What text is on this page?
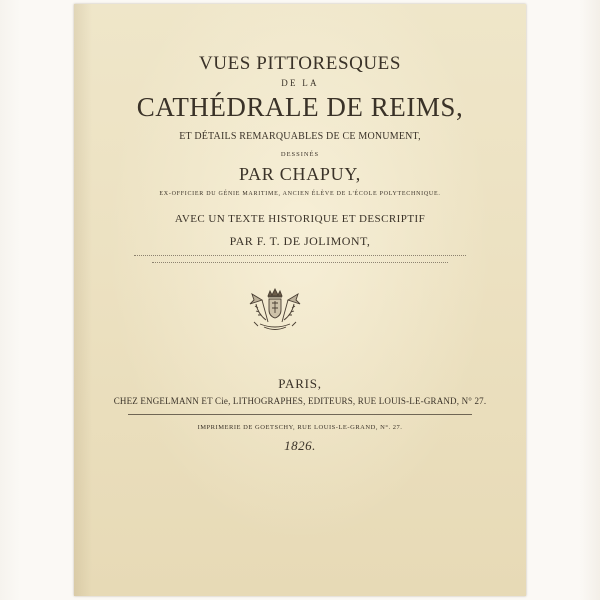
VUES PITTORESQUES
DE LA
CATHÉDRALE DE REIMS,
ET DÉTAILS REMARQUABLES DE CE MONUMENT,
DESSINÉS
PAR CHAPUY,
EX-OFFICIER DU GÉNIE MARITIME, ANCIEN ÉLÈVE DE L'ÉCOLE POLYTECHNIQUE.
AVEC UN TEXTE HISTORIQUE ET DESCRIPTIF
PAR F. T. DE JOLIMONT,
PARIS,
CHEZ ENGELMANN ET Cie, LITHOGRAPHES, EDITEURS, RUE LOUIS-LE-GRAND, N° 27.
IMPRIMERIE DE GOETSCHY, RUE LOUIS-LE-GRAND, N°. 27.
1826.
